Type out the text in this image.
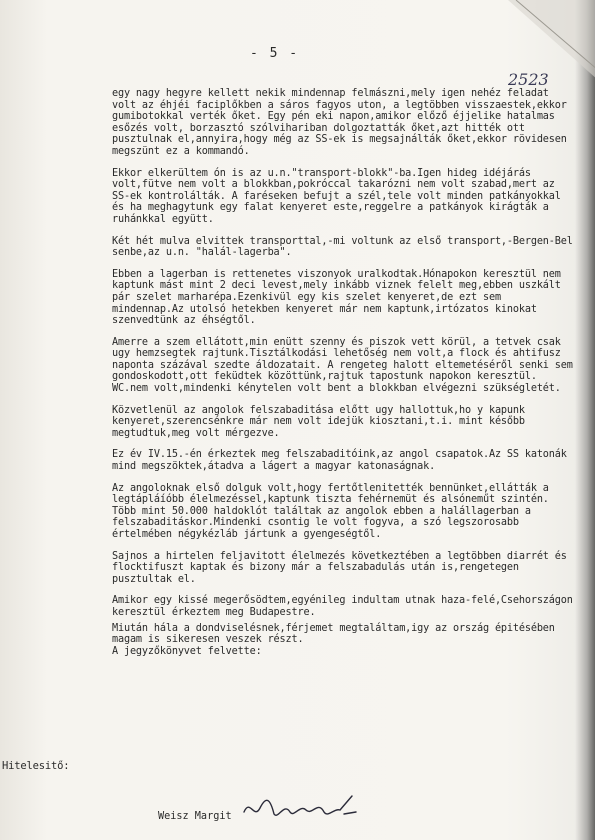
- 5 -
2523

egy nagy hegyre kellett nekik mindennap felmászni,mely igen nehéz feladat volt az éhjéi faciplőkben a sáros fagyos uton, a legtöbben visszaestek,ekkor gumibotokkal verték őket. Egy pén eki napon,amikor előző éjjelike hatalmas esőzés volt, borzasztó szólvihariban dolgoztatták őket,azt hitték ott pusztulnak el,annyira,hogy még az SS-ek is megsajnálták őket,ekkor rövidesen megszünt ez a kommandó.

Ekkor elkerültem ón is az u.n."transport-blokk"-ba.Igen hideg idéjárás volt,fütve nem volt a blokkban,pokróccal takarózni nem volt szabad,mert az SS-ek kontrolálták. A faréseken befujt a szél,tele volt minden patkányokkal és ha meghagytunk egy falat kenyeret este,reggelre a patkányok kirágták a ruhánkkal együtt.

Két hét mulva elvittek transporttal,-mi voltunk az első transport,-Bergen-Bel senbe,az u.n. "halál-lagerba".

Ebben a lagerban is rettenetes viszonyok uralkodtak.Hónapokon keresztül nem kaptunk mást mint 2 deci levest,mely inkább viznek felelt meg,ebben uszkált pár szelet marharépa.Ezenkivül egy kis szelet kenyeret,de ezt sem mindennap.Az utolsó hetekben kenyeret már nem kaptunk,irtózatos kinokat szenvedtünk az éhségtől.

Amerre a szem ellátott,min enütt szenny és piszok vett körül, a tetvek csak ugy hemzsegtek rajtunk.Tisztálkodási lehetőség nem volt,a flock és ahtifusz naponta százával szedte áldozatait. A rengeteg halott eltemetéséről senki sem gondoskodott,ott feküdtek közöttünk,rajtuk tapostunk napokon keresztül. WC.nem volt,mindenki kénytelen volt bent a blokkban elvégezni szükségletét.

Közvetlenül az angolok felszabaditása előtt ugy hallottuk,ho y kapunk kenyeret,szerencsénkre már nem volt idejük kiosztani,t.i. mint később megtudtuk,meg volt mérgezve.

Ez év IV.15.-én érkeztek meg felszabaditóink,az angol csapatok.Az SS katonák mind megszöktek,átadva a lágert a magyar katonaságnak.

Az angoloknak első dolguk volt,hogy fertőtlenitették bennünket,ellátták a legtápláíóbb élelmezéssel,kaptunk tiszta fehérnemüt és alsóneműt szintén. Több mint 50.000 haldoklót találtak az angolok ebben a halállagerban a felszabaditáskor.Mindenki csontig le volt fogyva, a szó legszorosabb értelmében négykézláb jártunk a gyengeségtől.

Sajnos a hirtelen feljavitott élelmezés következtében a legtöbben diarrét és flocktifuszt kaptak és bizony már a felszabadulás után is,rengetegen pusztultak el.

Amikor egy kissé megerősödtem,egyénileg indultam utnak haza-felé,Csehországon keresztül érkeztem meg Budapestre.

Miután hála a dondviselésnek,férjemet megtaláltam,igy az ország épitésében magam is sikeresen veszek részt.
A jegyzőkönyvet felvette:

Hitelesitő:
Weisz Margit
